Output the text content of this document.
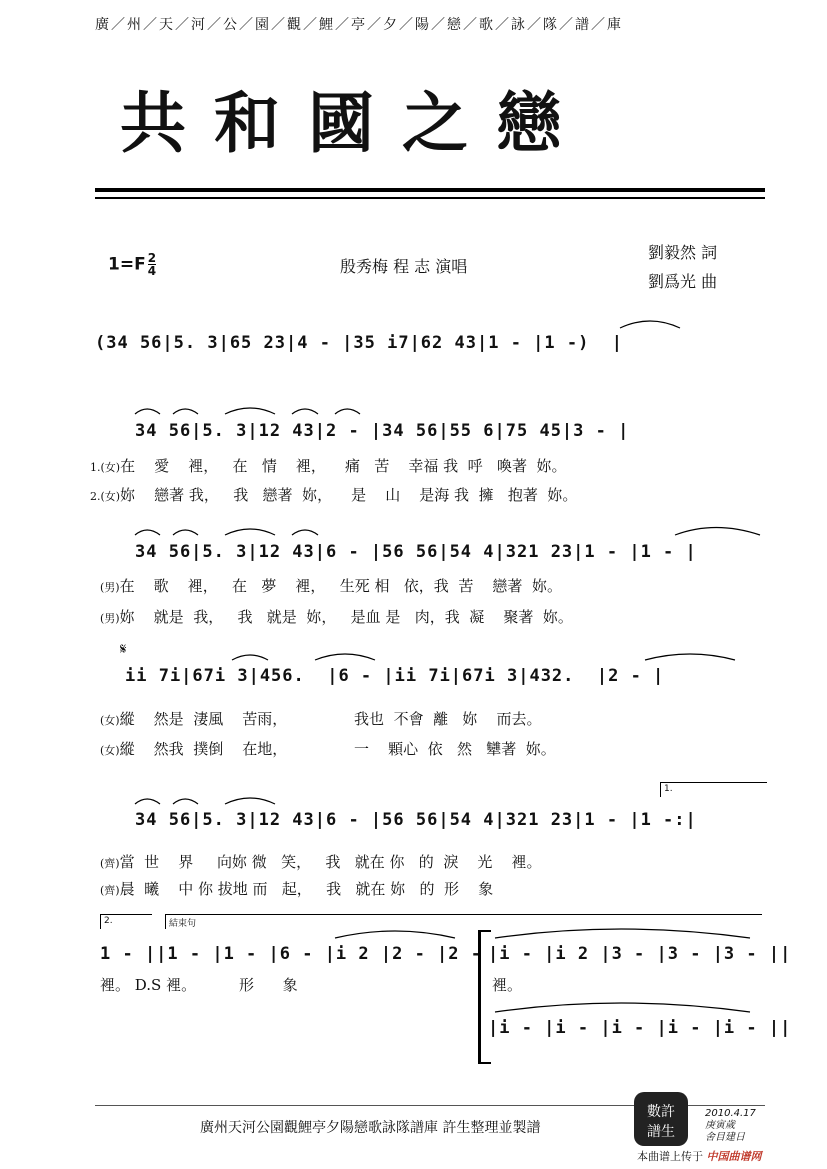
廣／州／天／河／公／園／觀／鯉／亭／夕／陽／戀／歌／詠／隊／譜／庫
共和國之戀
$1=F \frac{2}{4}$	殷秀梅 程 志 演唱
劉毅然 詞
劉爲光 曲
(34 56|5. 3|65 23|4 - |35 i7|62 43|1 - |1 -)  |
34 56|5. 3|12 43|2 - |34 56|55 6|75 45|3 - |
1.(女)在    愛    裡，   在   情    裡，    痛   苦    幸福 我  呼   喚著  妳。
2.(女)妳    戀著 我，   我   戀著  妳，    是    山    是海 我  擁   抱著  妳。
34 56|5. 3|12 43|6 - |56 56|54 4|321 23|1 - |1 - |
(男)在    歌    裡，   在   夢    裡，   生死 相   依，我  苦    戀著  妳。
(男)妳    就是  我，   我   就是  妳，   是血 是   肉，我  凝    聚著  妳。
𝄋
ii 7i|67i 3|456.  |6 - |ii 7i|67i 3|432.  |2 - |
(女)縱    然是  淒風    苦雨，              我也  不會  離   妳    而去。
(女)縱    然我  撲倒    在地，              一    顆心  依   然   犫著  妳。
1.
34 56|5. 3|12 43|6 - |56 56|54 4|321 23|1 - |1 -:|
(齊)當  世    界     向妳 微   笑，   我   就在 你   的  淚    光    裡。
(齊)晨  曦    中 你 拔地 而   起，   我   就在 妳   的  形    象
2.	結束句
1 - ||1 - |1 - |6 - |i 2 |2 - |2 -
|i - |i 2 |3 - |3 - |3 - ||
裡。 D.S 裡。         形      象	裡。
|i - |i - |i - |i - |i - ||
廣州天河公園觀鯉亭夕陽戀歌詠隊譜庫 許生整理並製譜
數許
譜生
2010.4.17
庚寅歲
舍目建日
本曲谱上传于 中国曲谱网
